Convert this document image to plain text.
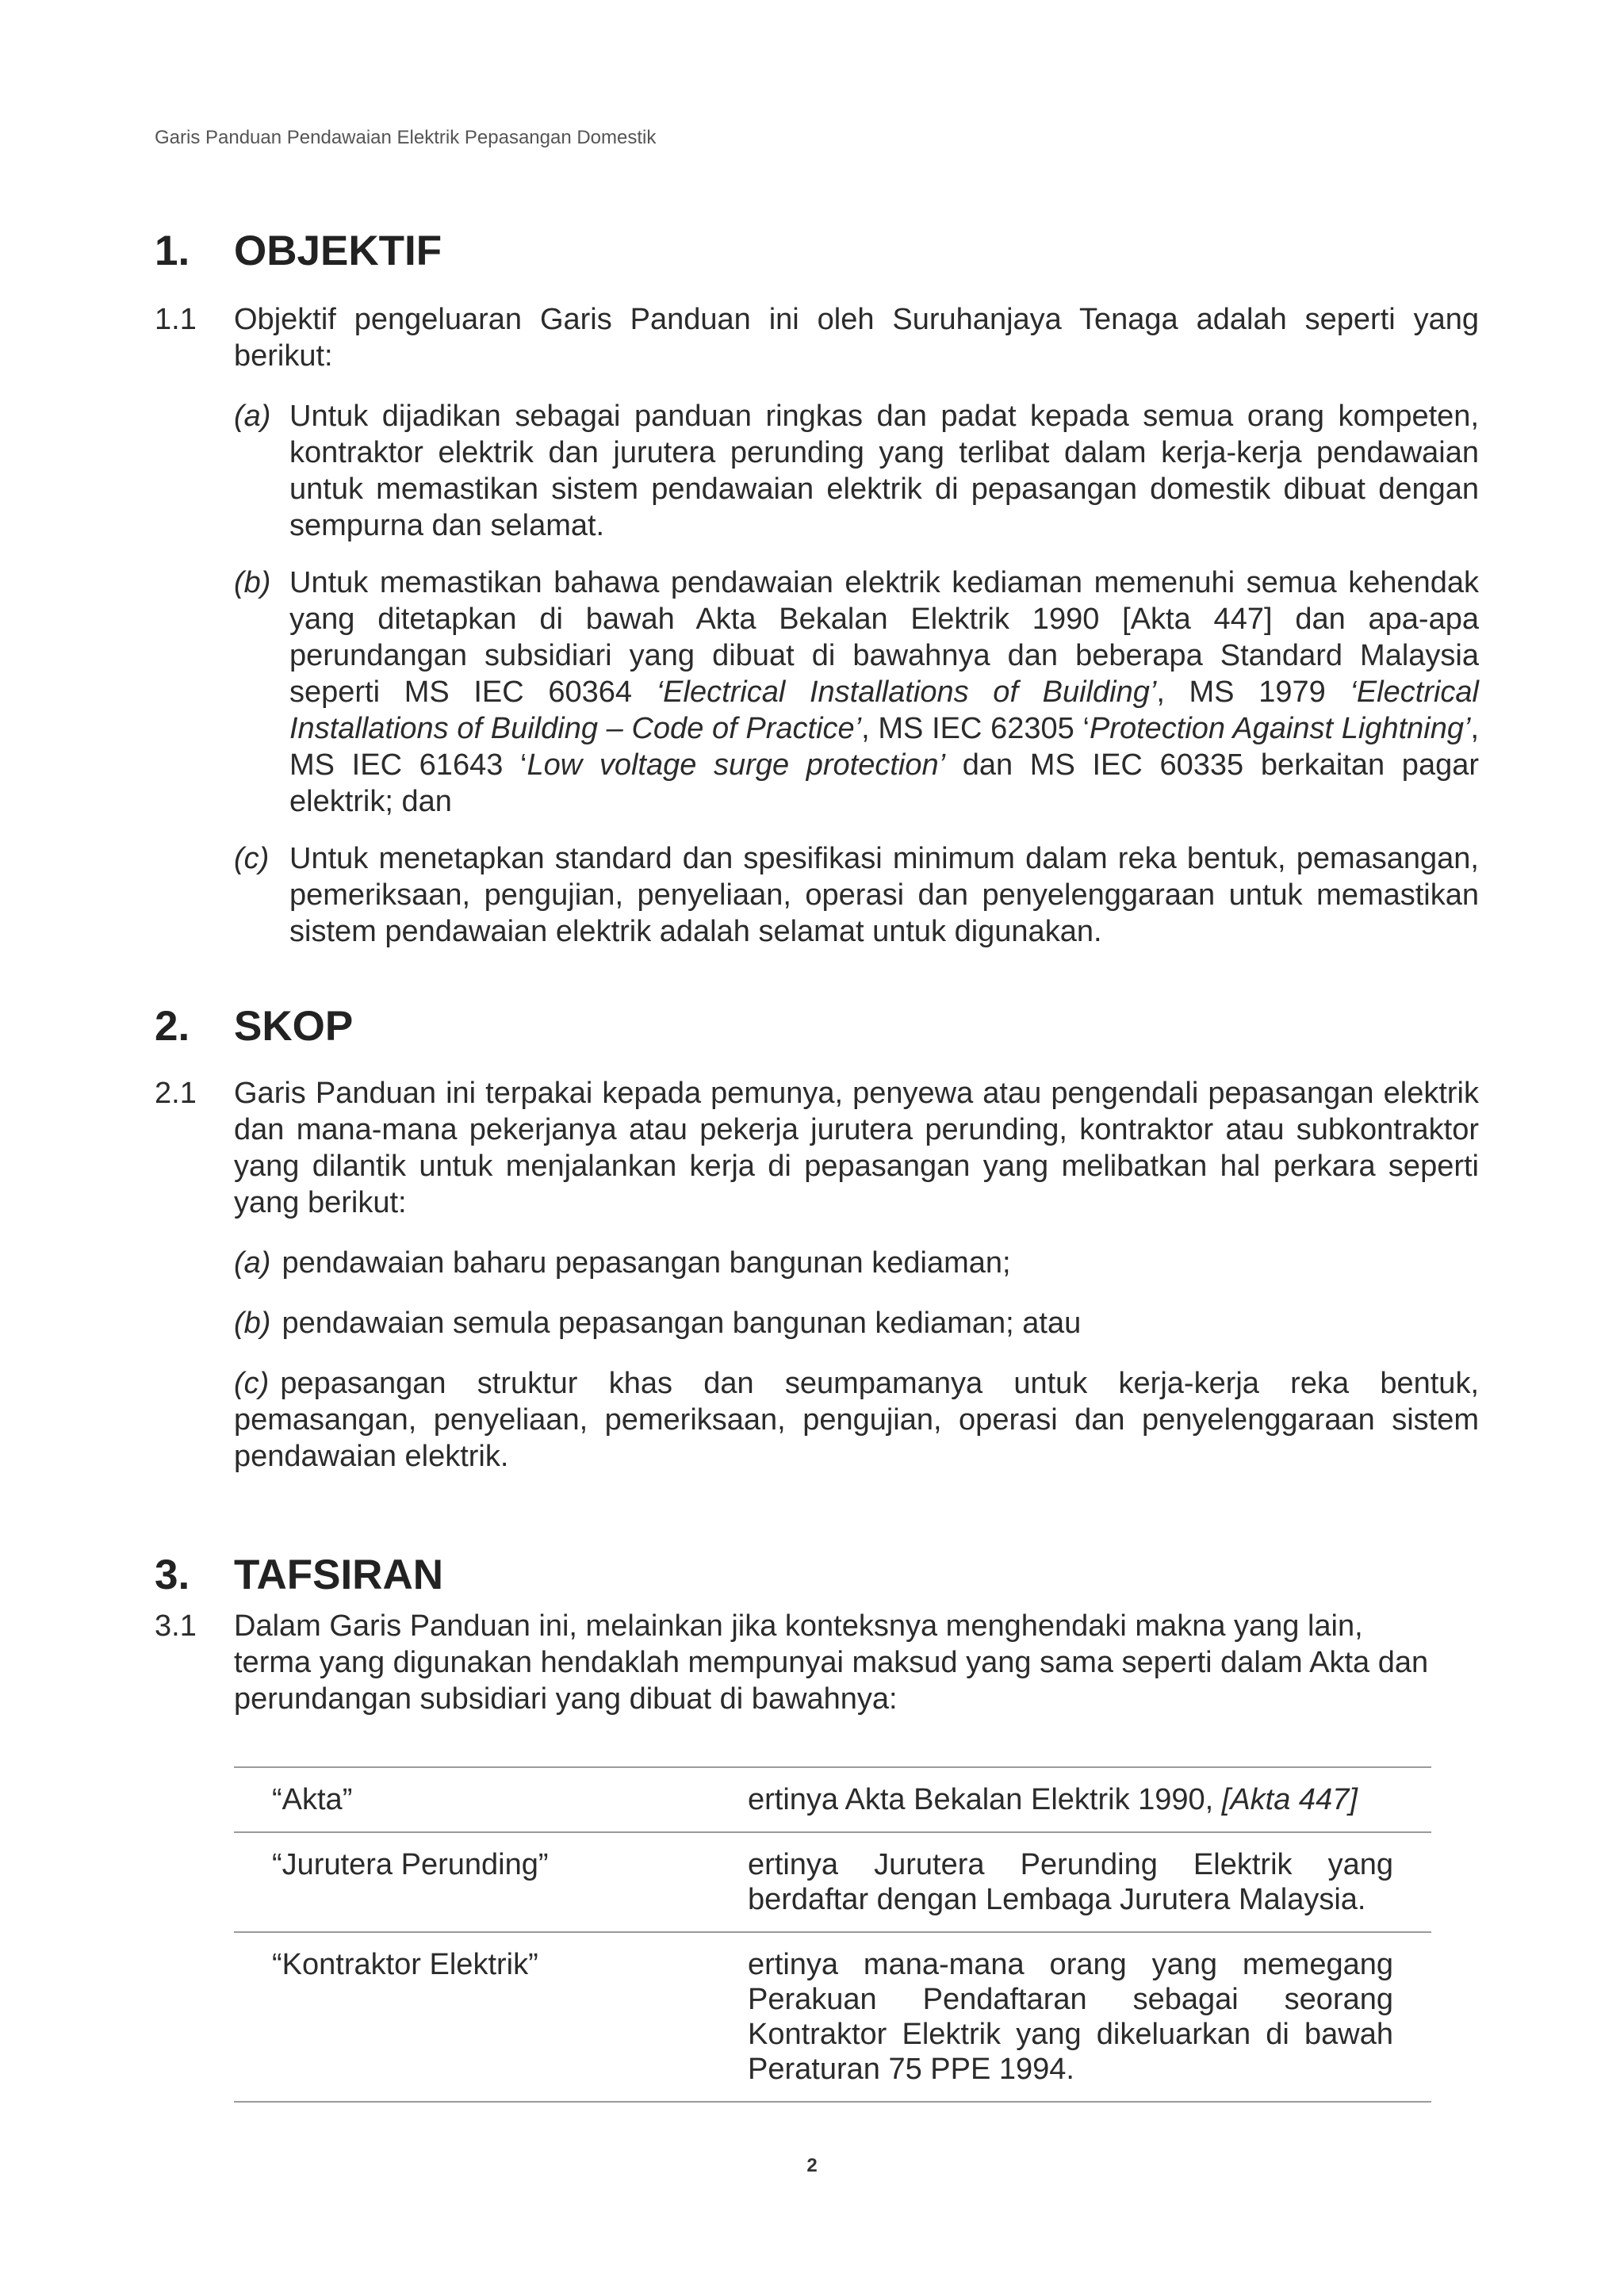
Garis Panduan Pendawaian Elektrik Pepasangan Domestik
1.	OBJEKTIF
1.1	Objektif pengeluaran Garis Panduan ini oleh Suruhanjaya Tenaga adalah seperti yang berikut:
(a) Untuk dijadikan sebagai panduan ringkas dan padat kepada semua orang kompeten, kontraktor elektrik dan jurutera perunding yang terlibat dalam kerja-kerja pendawaian untuk memastikan sistem pendawaian elektrik di pepasangan domestik dibuat dengan sempurna dan selamat.
(b) Untuk memastikan bahawa pendawaian elektrik kediaman memenuhi semua kehendak yang ditetapkan di bawah Akta Bekalan Elektrik 1990 [Akta 447] dan apa-apa perundangan subsidiari yang dibuat di bawahnya dan beberapa Standard Malaysia seperti MS IEC 60364 ‘Electrical Installations of Building’, MS 1979 ‘Electrical Installations of Building – Code of Practice’, MS IEC 62305 ‘Protection Against Lightning’, MS IEC 61643 ‘Low voltage surge protection’ dan MS IEC 60335 berkaitan pagar elektrik; dan
(c) Untuk menetapkan standard dan spesifikasi minimum dalam reka bentuk, pemasangan, pemeriksaan, pengujian, penyeliaan, operasi dan penyelenggaraan untuk memastikan sistem pendawaian elektrik adalah selamat untuk digunakan.
2.	SKOP
2.1	Garis Panduan ini terpakai kepada pemunya, penyewa atau pengendali pepasangan elektrik dan mana-mana pekerjanya atau pekerja jurutera perunding, kontraktor atau subkontraktor yang dilantik untuk menjalankan kerja di pepasangan yang melibatkan hal perkara seperti yang berikut:
(a) pendawaian baharu pepasangan bangunan kediaman;
(b) pendawaian semula pepasangan bangunan kediaman; atau
(c) pepasangan struktur khas dan seumpamanya untuk kerja-kerja reka bentuk, pemasangan, penyeliaan, pemeriksaan, pengujian, operasi dan penyelenggaraan sistem pendawaian elektrik.
3.	TAFSIRAN
3.1	Dalam Garis Panduan ini, melainkan jika konteksnya menghendaki makna yang lain, terma yang digunakan hendaklah mempunyai maksud yang sama seperti dalam Akta dan perundangan subsidiari yang dibuat di bawahnya:
“Akta”	ertinya Akta Bekalan Elektrik 1990, [Akta 447]
“Jurutera Perunding”	ertinya Jurutera Perunding Elektrik yang berdaftar dengan Lembaga Jurutera Malaysia.
“Kontraktor Elektrik”	ertinya mana-mana orang yang memegang Perakuan Pendaftaran sebagai seorang Kontraktor Elektrik yang dikeluarkan di bawah Peraturan 75 PPE 1994.
2
